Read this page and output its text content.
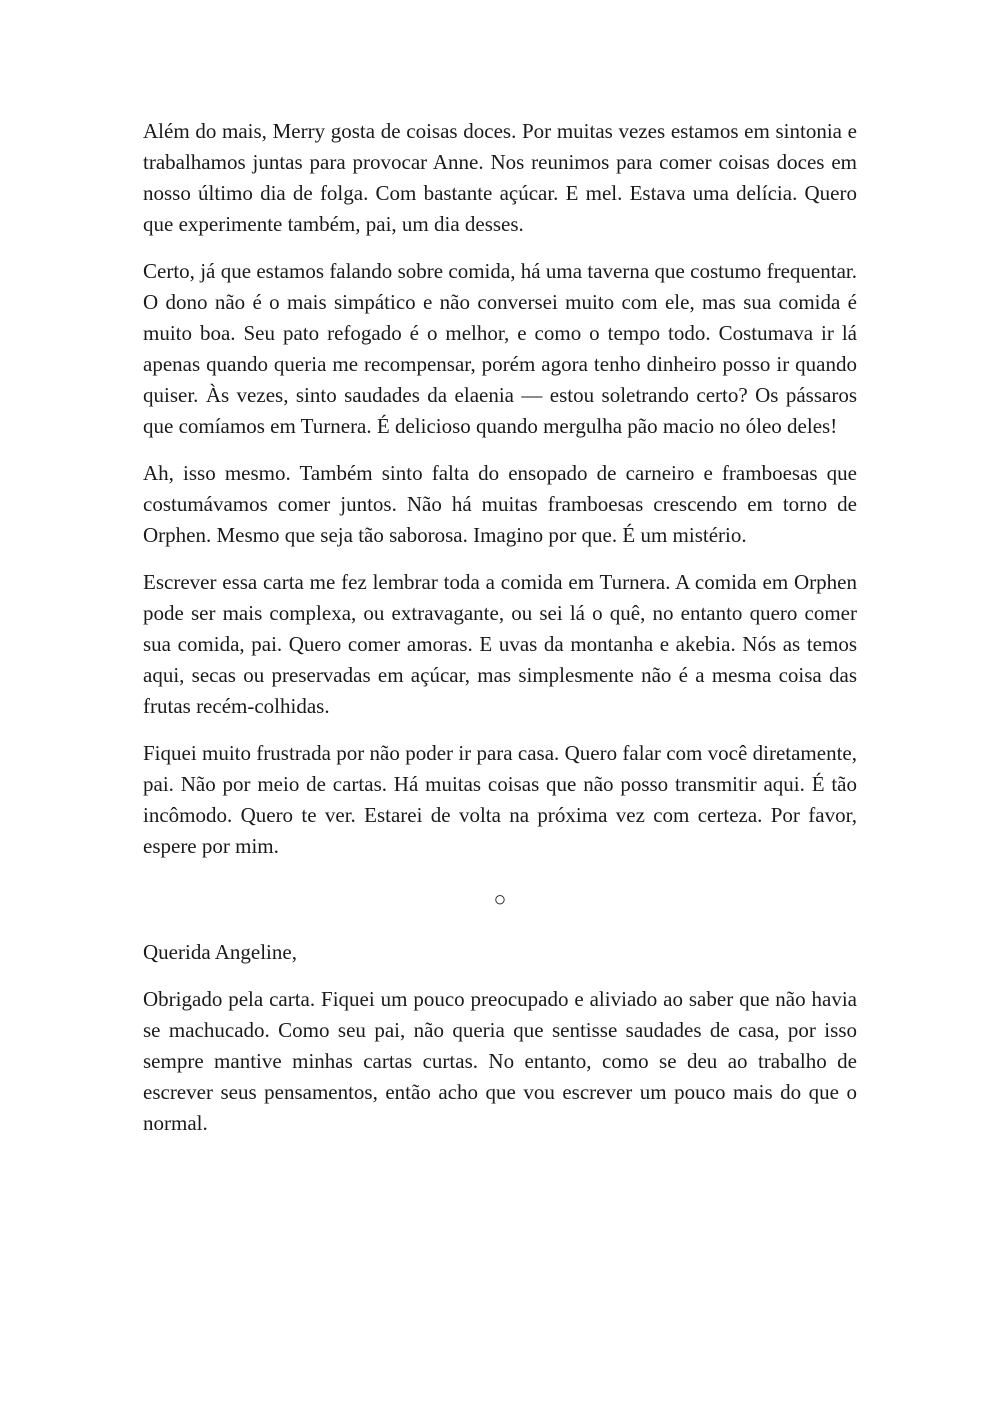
Além do mais, Merry gosta de coisas doces. Por muitas vezes estamos em sintonia e trabalhamos juntas para provocar Anne. Nos reunimos para comer coisas doces em nosso último dia de folga. Com bastante açúcar. E mel. Estava uma delícia. Quero que experimente também, pai, um dia desses.

Certo, já que estamos falando sobre comida, há uma taverna que costumo frequentar. O dono não é o mais simpático e não conversei muito com ele, mas sua comida é muito boa. Seu pato refogado é o melhor, e como o tempo todo. Costumava ir lá apenas quando queria me recompensar, porém agora tenho dinheiro posso ir quando quiser. Às vezes, sinto saudades da elaenia — estou soletrando certo? Os pássaros que comíamos em Turnera. É delicioso quando mergulha pão macio no óleo deles!

Ah, isso mesmo. Também sinto falta do ensopado de carneiro e framboesas que costumávamos comer juntos. Não há muitas framboesas crescendo em torno de Orphen. Mesmo que seja tão saborosa. Imagino por que. É um mistério.

Escrever essa carta me fez lembrar toda a comida em Turnera. A comida em Orphen pode ser mais complexa, ou extravagante, ou sei lá o quê, no entanto quero comer sua comida, pai. Quero comer amoras. E uvas da montanha e akebia. Nós as temos aqui, secas ou preservadas em açúcar, mas simplesmente não é a mesma coisa das frutas recém-colhidas.

Fiquei muito frustrada por não poder ir para casa. Quero falar com você diretamente, pai. Não por meio de cartas. Há muitas coisas que não posso transmitir aqui. É tão incômodo. Quero te ver. Estarei de volta na próxima vez com certeza. Por favor, espere por mim.

○

Querida Angeline,

Obrigado pela carta. Fiquei um pouco preocupado e aliviado ao saber que não havia se machucado. Como seu pai, não queria que sentisse saudades de casa, por isso sempre mantive minhas cartas curtas. No entanto, como se deu ao trabalho de escrever seus pensamentos, então acho que vou escrever um pouco mais do que o normal.
